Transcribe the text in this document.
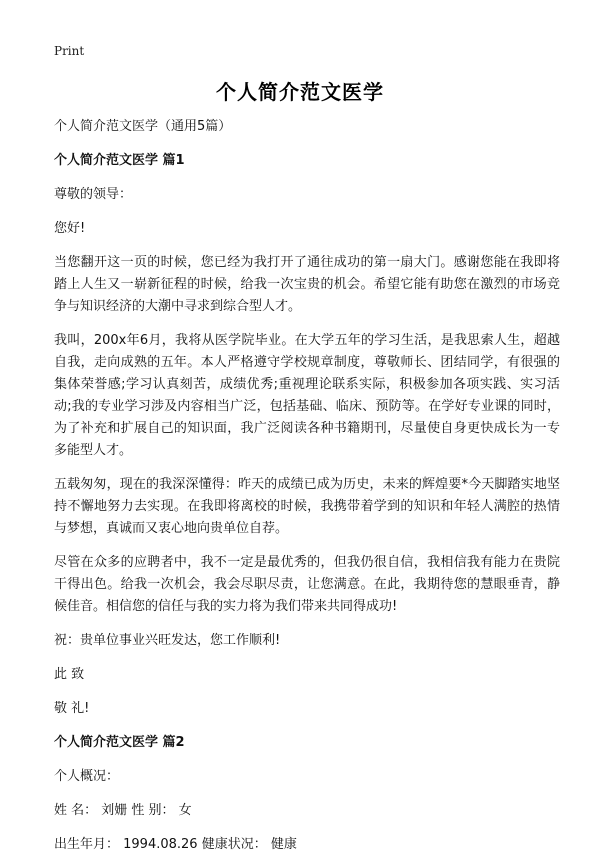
Print
个人简介范文医学

个人简介范文医学（通用5篇）

个人简介范文医学 篇1

尊敬的领导：

您好!

当您翻开这一页的时候，您已经为我打开了通往成功的第一扇大门。感谢您能在我即将踏上人生又一崭新征程的时候，给我一次宝贵的机会。希望它能有助您在激烈的市场竞争与知识经济的大潮中寻求到综合型人才。

我叫，200x年6月，我将从医学院毕业。在大学五年的学习生活，是我思索人生，超越自我，走向成熟的五年。本人严格遵守学校规章制度，尊敬师长、团结同学，有很强的集体荣誉感;学习认真刻苦，成绩优秀;重视理论联系实际，积极参加各项实践、实习活动;我的专业学习涉及内容相当广泛，包括基础、临床、预防等。在学好专业课的同时，为了补充和扩展自己的知识面，我广泛阅读各种书籍期刊，尽量使自身更快成长为一专多能型人才。

五载匆匆，现在的我深深懂得：昨天的成绩已成为历史，未来的辉煌要*今天脚踏实地坚持不懈地努力去实现。在我即将离校的时候，我携带着学到的知识和年轻人满腔的热情与梦想，真诚而又衷心地向贵单位自荐。

尽管在众多的应聘者中，我不一定是最优秀的，但我仍很自信，我相信我有能力在贵院干得出色。给我一次机会，我会尽职尽责，让您满意。在此，我期待您的慧眼垂青，静候佳音。相信您的信任与我的实力将为我们带来共同得成功!

祝：贵单位事业兴旺发达，您工作顺利!

此 致

敬 礼!

个人简介范文医学 篇2

个人概况：

姓 名： 刘姗 性 别： 女

出生年月： 1994.08.26 健康状况： 健康
